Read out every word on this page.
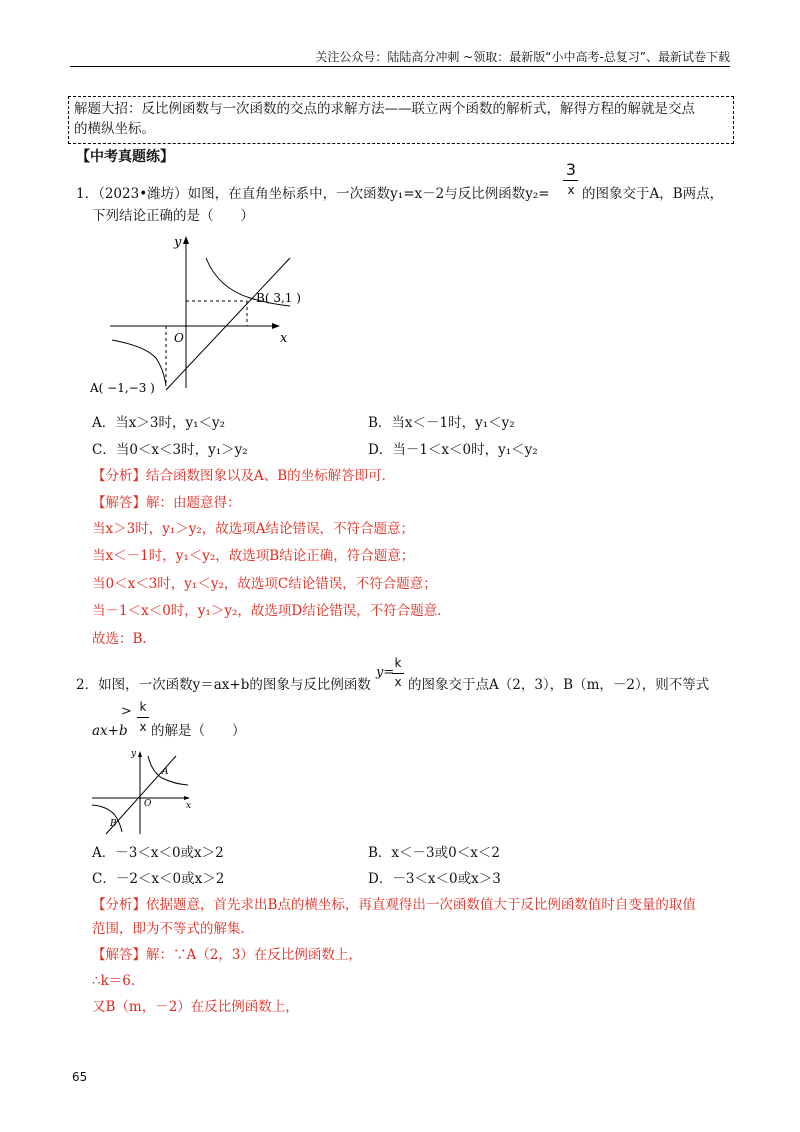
关注公众号：陆陆高分冲刺 ~领取：最新版“小中高考-总复习”、最新试卷下载
解题大招：反比例函数与一次函数的交点的求解方法——联立两个函数的解析式，解得方程的解就是交点
的横纵坐标。
【中考真题练】
1．（2023•潍坊）如图，在直角坐标系中，一次函数y₁=x－2与反比例函数y₂=
3
x 的图象交于A，B两点，
下列结论正确的是（　　）
y
x
O
B( 3,1 )
A( −1,−3 )
A．当x＞3时，y₁＜y₂	B．当x＜－1时，y₁＜y₂
C．当0＜x＜3时，y₁＞y₂	D．当－1＜x＜0时，y₁＜y₂
【分析】结合函数图象以及A、B的坐标解答即可．
【解答】解：由题意得：
当x＞3时，y₁＞y₂，故选项A结论错误，不符合题意；
当x＜－1时，y₁＜y₂，故选项B结论正确，符合题意；
当0＜x＜3时，y₁＜y₂，故选项C结论错误，不符合题意；
当－1＜x＜0时，y₁＞y₂，故选项D结论错误，不符合题意．
故选：B．
2．如图，一次函数y＝ax+b的图象与反比例函数
y=
k
x 的图象交于点A（2，3），B（m，－2），则不等式
ax+b
> k
x 的解是（　　）
y
x
O
A
B
A．－3＜x＜0或x＞2	B．x＜－3或0＜x＜2
C．－2＜x＜0或x＞2	D．－3＜x＜0或x＞3
【分析】依据题意，首先求出B点的横坐标，再直观得出一次函数值大于反比例函数值时自变量的取值
范围，即为不等式的解集．
【解答】解：∵A（2，3）在反比例函数上，
∴k＝6．
又B（m，－2）在反比例函数上，
65
